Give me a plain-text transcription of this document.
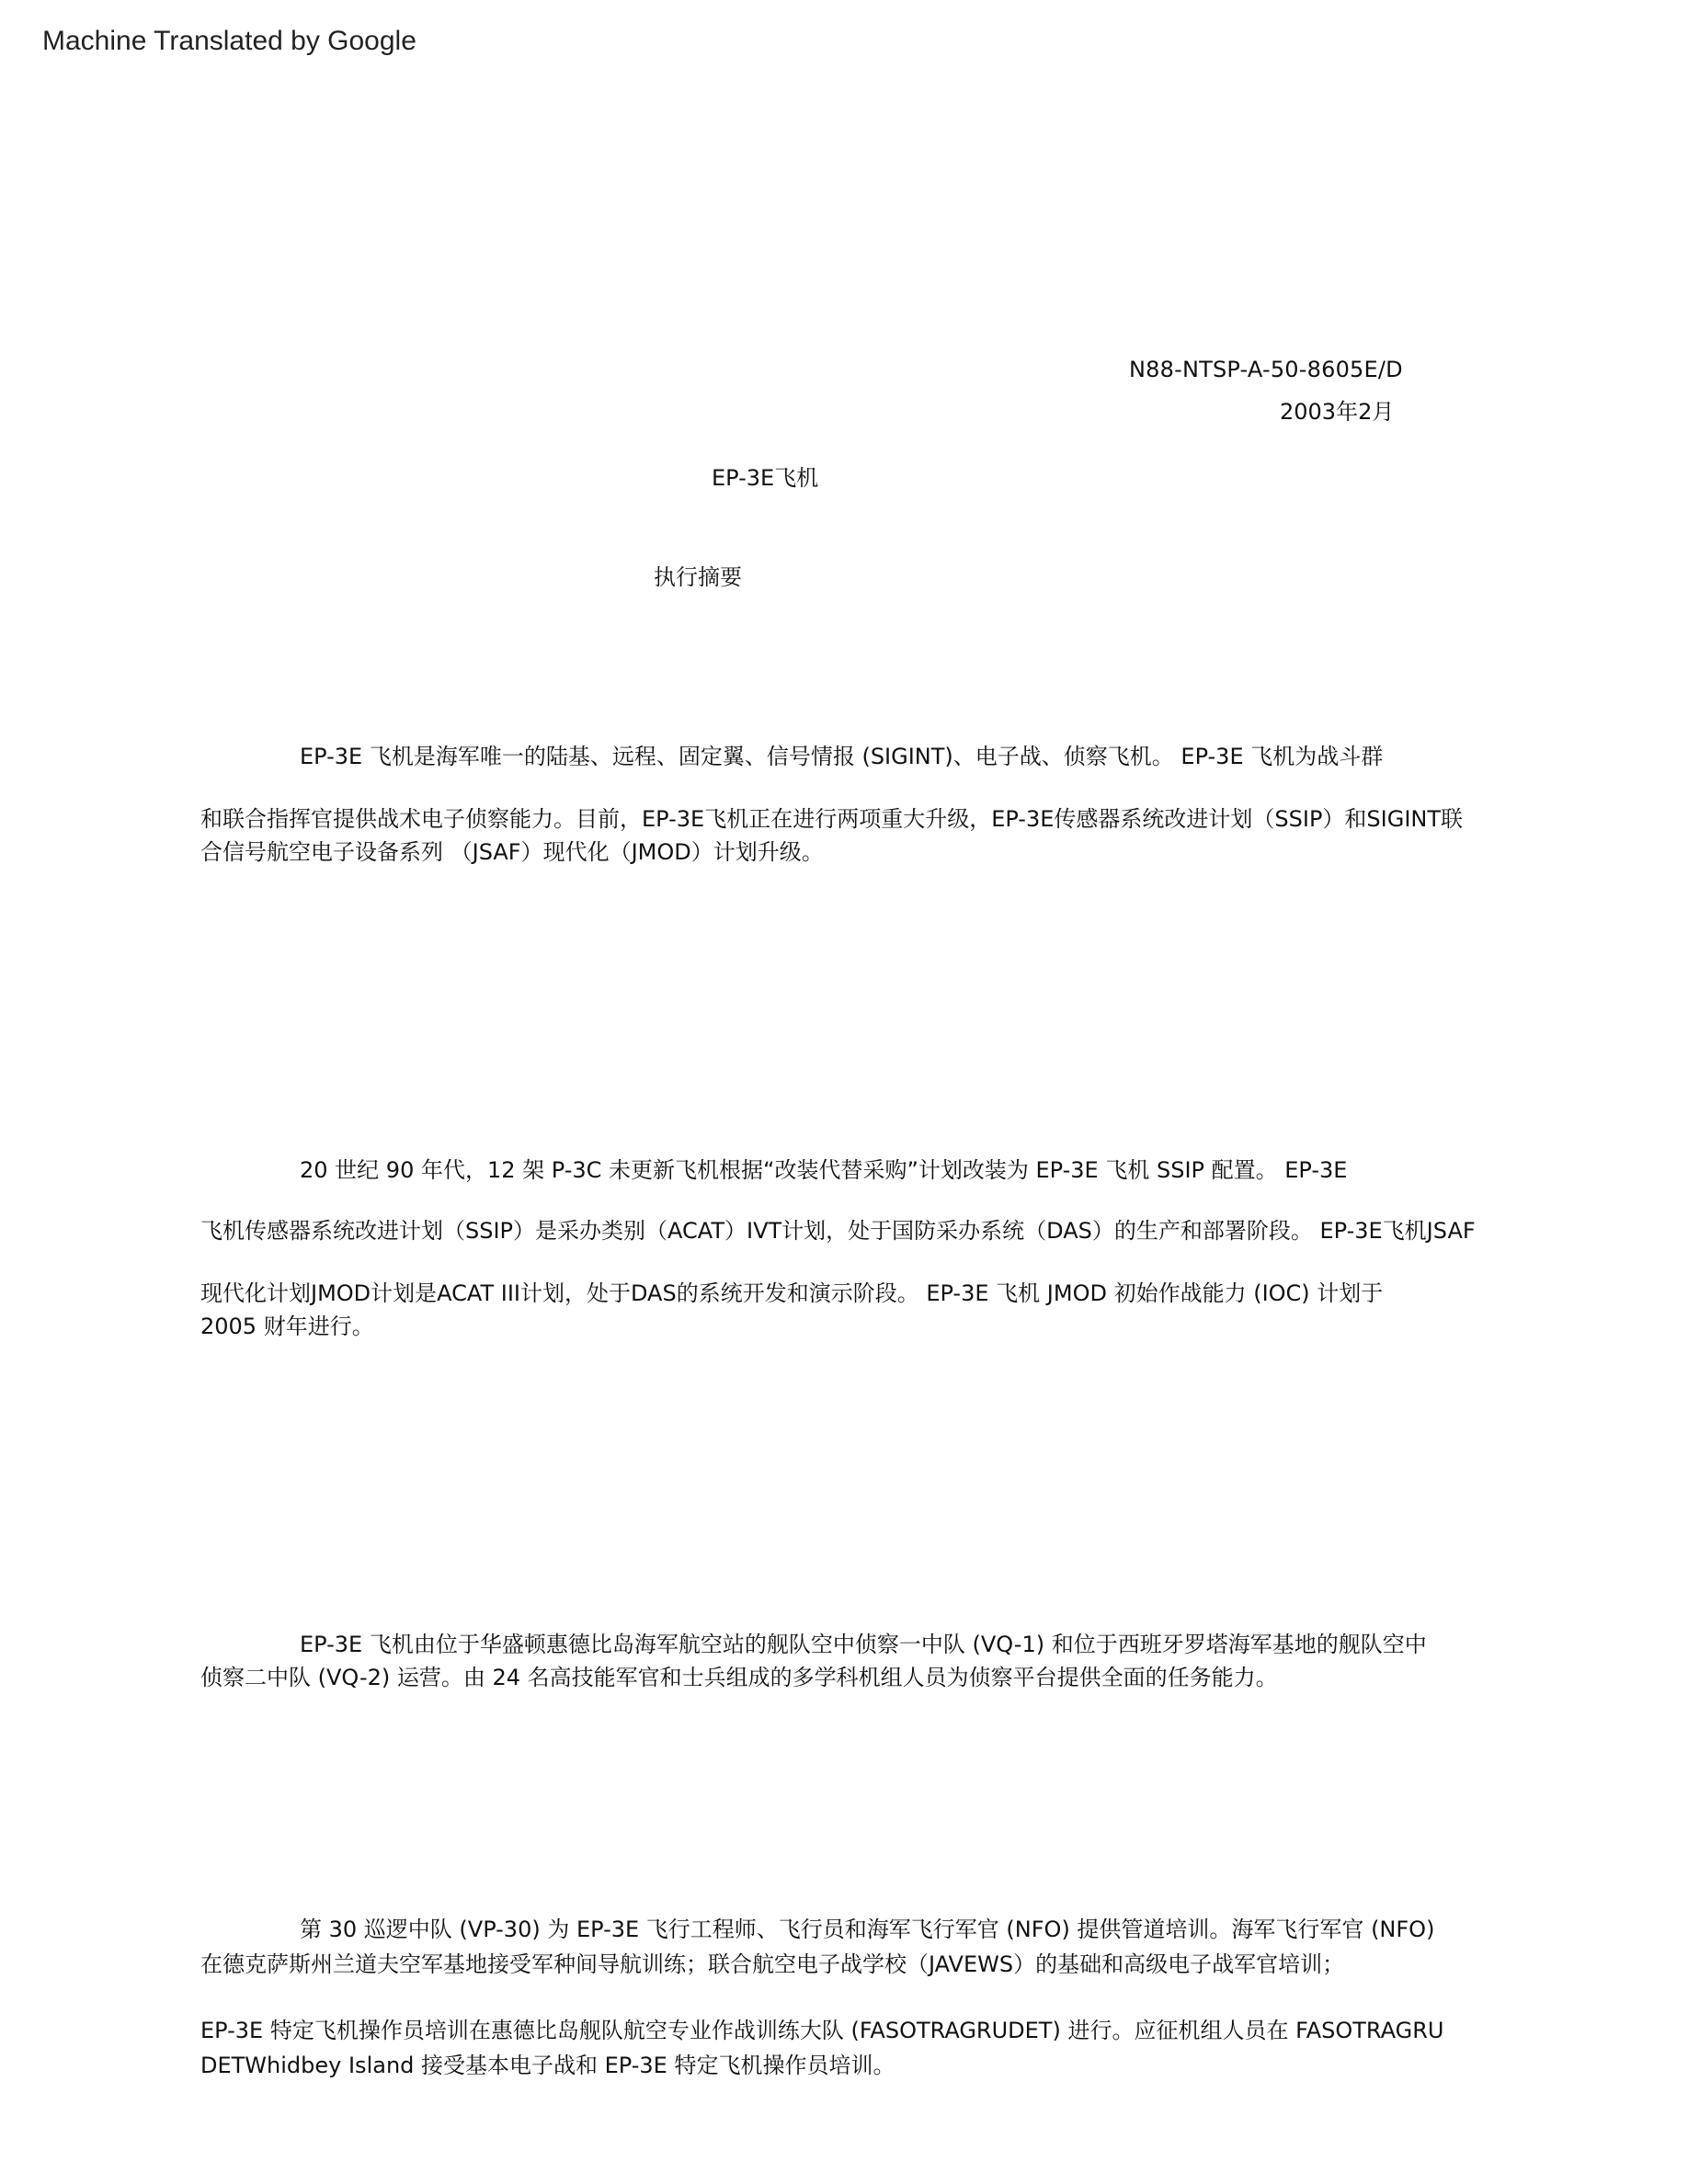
Machine Translated by Google
N88-NTSP-A-50-8605E/D
2003年2月
EP-3E飞机
执行摘要
EP-3E 飞机是海军唯一的陆基、远程、固定翼、信号情报 (SIGINT)、电子战、侦察飞机。 EP-3E 飞机为战斗群
和联合指挥官提供战术电子侦察能力。目前，EP-3E飞机正在进行两项重大升级，EP-3E传感器系统改进计划（SSIP）和SIGINT联
合信号航空电子设备系列 （JSAF）现代化（JMOD）计划升级。
20 世纪 90 年代，12 架 P-3C 未更新飞机根据“改装代替采购”计划改装为 EP-3E 飞机 SSIP 配置。 EP-3E
飞机传感器系统改进计划（SSIP）是采办类别（ACAT）IVT计划，处于国防采办系统（DAS）的生产和部署阶段。 EP-3E飞机JSAF
现代化计划JMOD计划是ACAT III计划，处于DAS的系统开发和演示阶段。 EP-3E 飞机 JMOD 初始作战能力 (IOC) 计划于
2005 财年进行。
EP-3E 飞机由位于华盛顿惠德比岛海军航空站的舰队空中侦察一中队 (VQ-1) 和位于西班牙罗塔海军基地的舰队空中
侦察二中队 (VQ-2) 运营。由 24 名高技能军官和士兵组成的多学科机组人员为侦察平台提供全面的任务能力。
第 30 巡逻中队 (VP-30) 为 EP-3E 飞行工程师、飞行员和海军飞行军官 (NFO) 提供管道培训。海军飞行军官 (NFO)
在德克萨斯州兰道夫空军基地接受军种间导航训练；联合航空电子战学校（JAVEWS）的基础和高级电子战军官培训；
EP-3E 特定飞机操作员培训在惠德比岛舰队航空专业作战训练大队 (FASOTRAGRUDET) 进行。应征机组人员在 FASOTRAGRU
DETWhidbey Island 接受基本电子战和 EP-3E 特定飞机操作员培训。
